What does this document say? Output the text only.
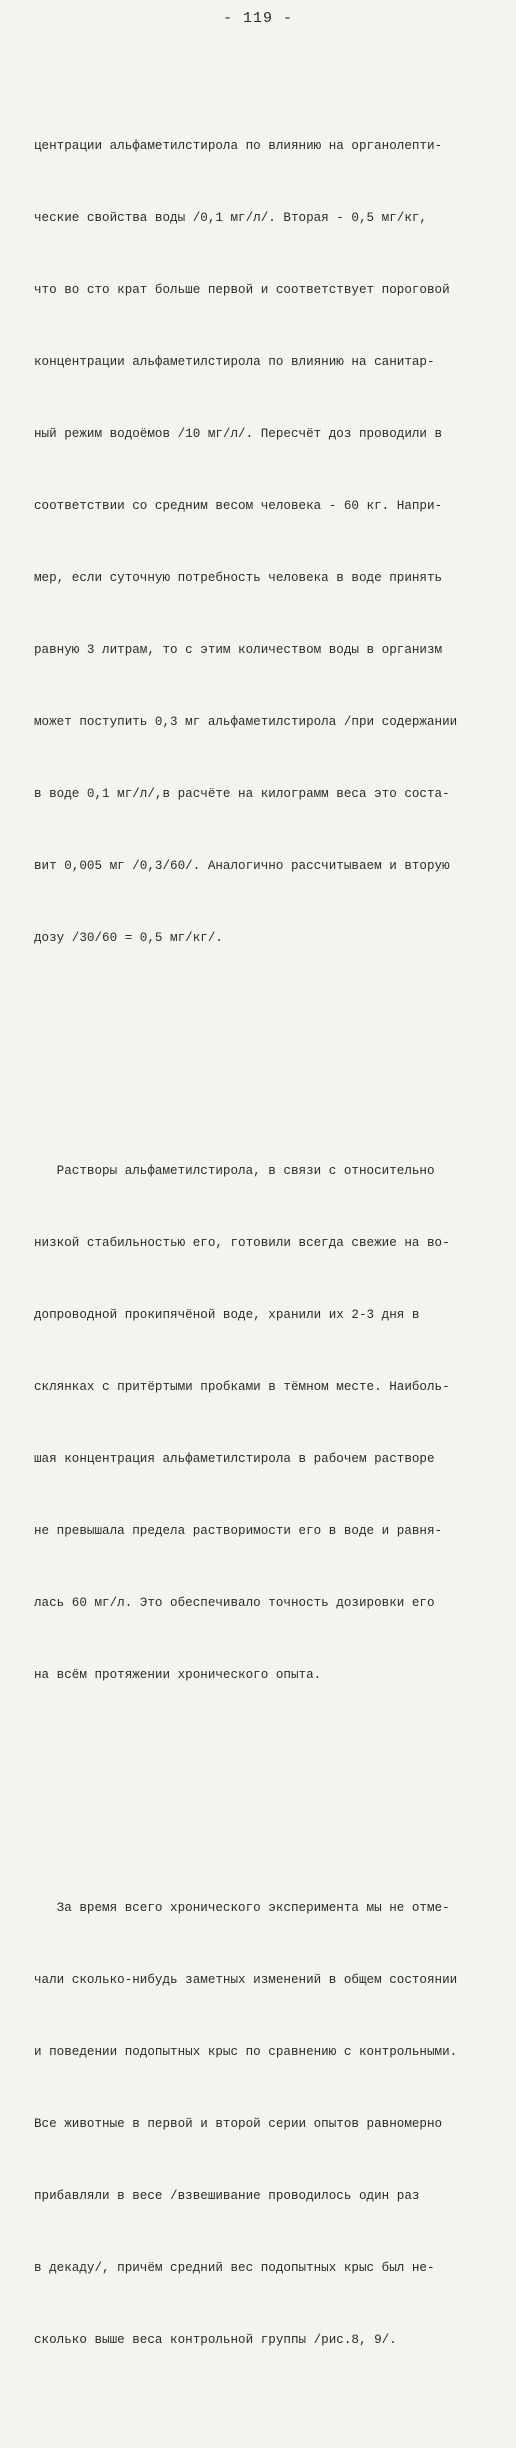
- 119 -

центрации альфаметилстирола по влиянию на органолепти-

ческие свойства воды /0,1 мг/л/. Вторая - 0,5 мг/кг,

что во сто крат больше первой и соответствует пороговой

концентрации альфаметилстирола по влиянию на санитар-

ный режим водоёмов /10 мг/л/. Пересчёт доз проводили в

соответствии со средним весом человека - 60 кг. Напри-

мер, если суточную потребность человека в воде принять

равную 3 литрам, то с этим количеством воды в организм

может поступить 0,3 мг альфаметилстирола /при содержании

в воде 0,1 мг/л/,в расчёте на килограмм веса это соста-

вит 0,005 мг /0,3/60/. Аналогично рассчитываем и вторую

дозу /30/60 = 0,5 мг/кг/.

Растворы альфаметилстирола, в связи с относительно

низкой стабильностью его, готовили всегда свежие на во-

допроводной прокипячёной воде, хранили их 2-3 дня в

склянках с притёртыми пробками в тёмном месте. Наиболь-

шая концентрация альфаметилстирола в рабочем растворе

не превышала предела растворимости его в воде и равня-

лась 60 мг/л. Это обеспечивало точность дозировки его

на всём протяжении хронического опыта.

За время всего хронического эксперимента мы не отме-

чали сколько-нибудь заметных изменений в общем состоянии

и поведении подопытных крыс по сравнению с контрольными.

Все животные в первой и второй серии опытов равномерно

прибавляли в весе /взвешивание проводилось один раз

в декаду/, причём средний вес подопытных крыс был не-

сколько выше веса контрольной группы /рис.8, 9/.
